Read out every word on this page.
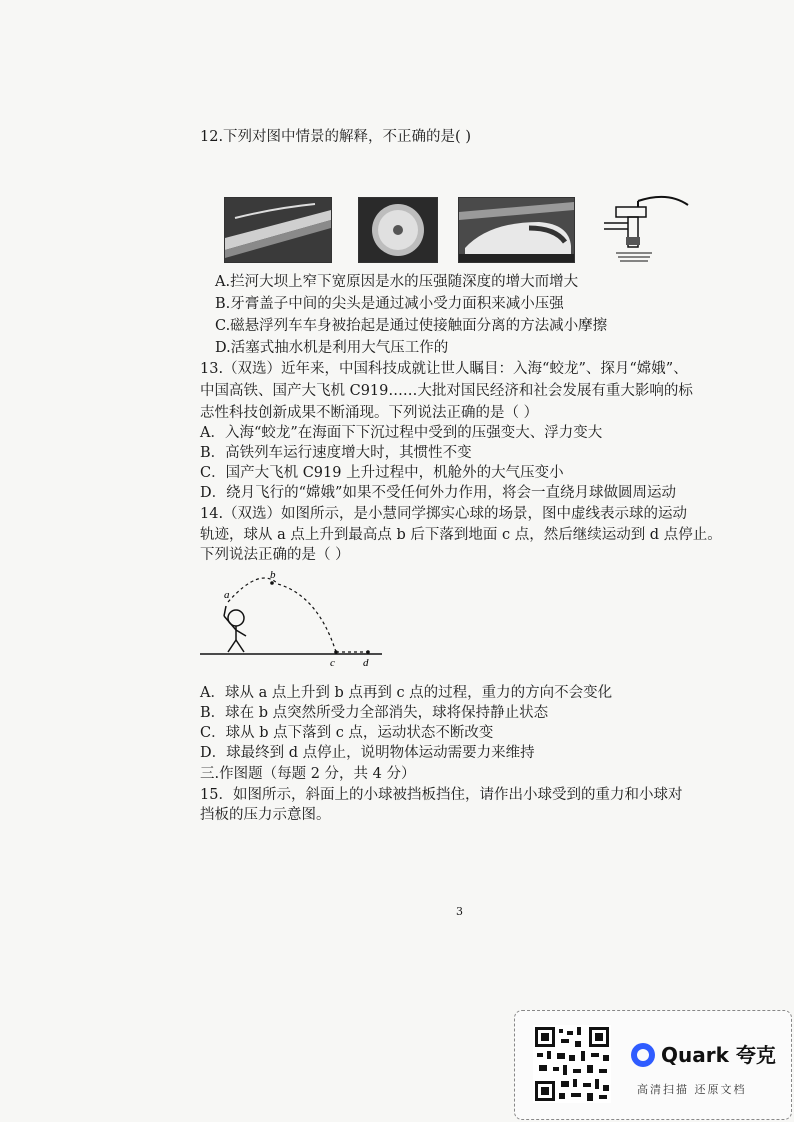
12.下列对图中情景的解释，不正确的是( )
A.拦河大坝上窄下宽原因是水的压强随深度的增大而增大
B.牙膏盖子中间的尖头是通过减小受力面积来减小压强
C.磁悬浮列车车身被抬起是通过使接触面分离的方法减小摩擦
D.活塞式抽水机是利用大气压工作的
13.（双选）近年来，中国科技成就让世人瞩目：入海“蛟龙”、探月“嫦娥”、
中国高铁、国产大飞机 C919……大批对国民经济和社会发展有重大影响的标
志性科技创新成果不断涌现。下列说法正确的是（ ）
A．入海“蛟龙”在海面下下沉过程中受到的压强变大、浮力变大
B．高铁列车运行速度增大时，其惯性不变
C．国产大飞机 C919 上升过程中，机舱外的大气压变小
D．绕月飞行的“嫦娥”如果不受任何外力作用，将会一直绕月球做圆周运动
14.（双选）如图所示，是小慧同学掷实心球的场景，图中虚线表示球的运动
轨迹，球从 a 点上升到最高点 b 后下落到地面 c 点，然后继续运动到 d 点停止。
下列说法正确的是（ ）
a
b
c	d
A．球从 a 点上升到 b 点再到 c 点的过程，重力的方向不会变化
B．球在 b 点突然所受力全部消失，球将保持静止状态
C．球从 b 点下落到 c 点，运动状态不断改变
D．球最终到 d 点停止，说明物体运动需要力来维持
三.作图题（每题 2 分，共 4 分）
15．如图所示，斜面上的小球被挡板挡住，请作出小球受到的重力和小球对
挡板的压力示意图。
3
Quark 夸克
高清扫描 还原文档
